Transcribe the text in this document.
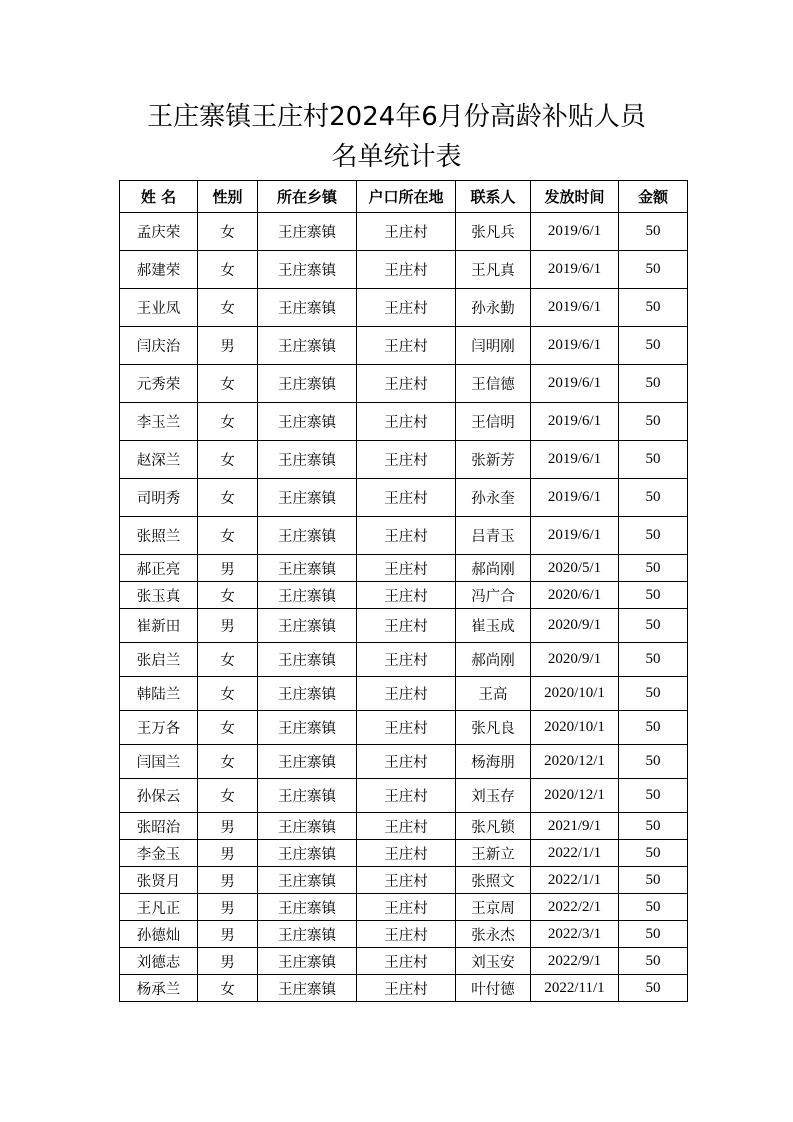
王庄寨镇王庄村2024年6月份高龄补贴人员
名单统计表
姓 名	性别	所在乡镇	户口所在地	联系人	发放时间	金额
孟庆荣	女	王庄寨镇	王庄村	张凡兵	2019/6/1	50
郝建荣	女	王庄寨镇	王庄村	王凡真	2019/6/1	50
王业凤	女	王庄寨镇	王庄村	孙永勤	2019/6/1	50
闫庆治	男	王庄寨镇	王庄村	闫明刚	2019/6/1	50
元秀荣	女	王庄寨镇	王庄村	王信德	2019/6/1	50
李玉兰	女	王庄寨镇	王庄村	王信明	2019/6/1	50
赵深兰	女	王庄寨镇	王庄村	张新芳	2019/6/1	50
司明秀	女	王庄寨镇	王庄村	孙永奎	2019/6/1	50
张照兰	女	王庄寨镇	王庄村	吕青玉	2019/6/1	50
郝正亮	男	王庄寨镇	王庄村	郝尚刚	2020/5/1	50
张玉真	女	王庄寨镇	王庄村	冯广合	2020/6/1	50
崔新田	男	王庄寨镇	王庄村	崔玉成	2020/9/1	50
张启兰	女	王庄寨镇	王庄村	郝尚刚	2020/9/1	50
韩陆兰	女	王庄寨镇	王庄村	王高	2020/10/1	50
王万各	女	王庄寨镇	王庄村	张凡良	2020/10/1	50
闫国兰	女	王庄寨镇	王庄村	杨海朋	2020/12/1	50
孙保云	女	王庄寨镇	王庄村	刘玉存	2020/12/1	50
张昭治	男	王庄寨镇	王庄村	张凡锁	2021/9/1	50
李金玉	男	王庄寨镇	王庄村	王新立	2022/1/1	50
张贤月	男	王庄寨镇	王庄村	张照文	2022/1/1	50
王凡正	男	王庄寨镇	王庄村	王京周	2022/2/1	50
孙德灿	男	王庄寨镇	王庄村	张永杰	2022/3/1	50
刘德志	男	王庄寨镇	王庄村	刘玉安	2022/9/1	50
杨承兰	女	王庄寨镇	王庄村	叶付德	2022/11/1	50
